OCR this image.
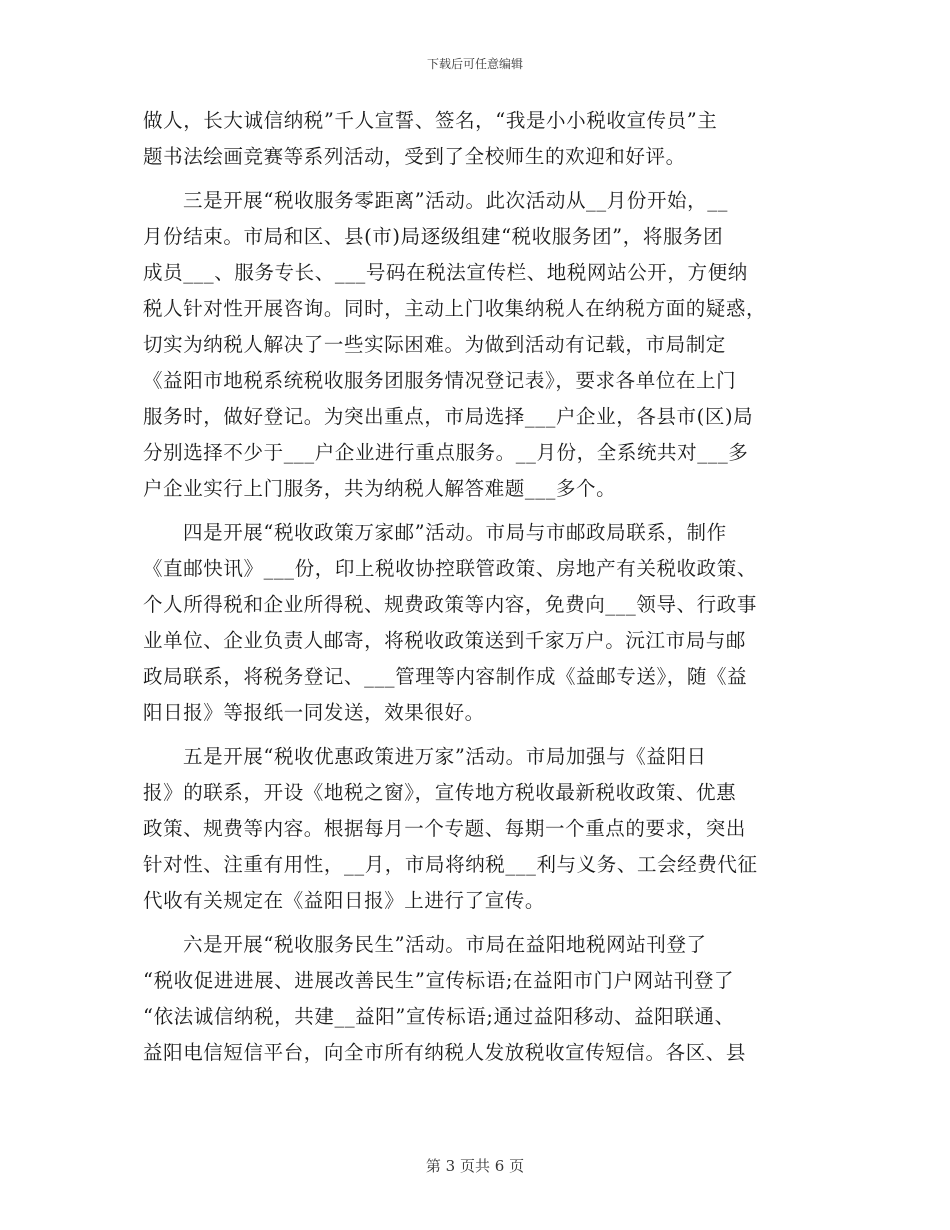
下载后可任意编辑
做人，长大诚信纳税”千人宣誓、签名，“我是小小税收宣传员”主
题书法绘画竞赛等系列活动，受到了全校师生的欢迎和好评。
三是开展“税收服务零距离”活动。此次活动从__月份开始，__
月份结束。市局和区、县(市)局逐级组建“税收服务团”，将服务团
成员___、服务专长、___号码在税法宣传栏、地税网站公开，方便纳
税人针对性开展咨询。同时，主动上门收集纳税人在纳税方面的疑惑，
切实为纳税人解决了一些实际困难。为做到活动有记载，市局制定
《益阳市地税系统税收服务团服务情况登记表》，要求各单位在上门
服务时，做好登记。为突出重点，市局选择___户企业，各县市(区)局
分别选择不少于___户企业进行重点服务。__月份，全系统共对___多
户企业实行上门服务，共为纳税人解答难题___多个。
四是开展“税收政策万家邮”活动。市局与市邮政局联系，制作
《直邮快讯》___份，印上税收协控联管政策、房地产有关税收政策、
个人所得税和企业所得税、规费政策等内容，免费向___领导、行政事
业单位、企业负责人邮寄，将税收政策送到千家万户。沅江市局与邮
政局联系，将税务登记、___管理等内容制作成《益邮专送》，随《益
阳日报》等报纸一同发送，效果很好。
五是开展“税收优惠政策进万家”活动。市局加强与《益阳日
报》的联系，开设《地税之窗》，宣传地方税收最新税收政策、优惠
政策、规费等内容。根据每月一个专题、每期一个重点的要求，突出
针对性、注重有用性，__月，市局将纳税___利与义务、工会经费代征
代收有关规定在《益阳日报》上进行了宣传。
六是开展“税收服务民生”活动。市局在益阳地税网站刊登了
“税收促进进展、进展改善民生”宣传标语;在益阳市门户网站刊登了
“依法诚信纳税，共建__益阳”宣传标语;通过益阳移动、益阳联通、
益阳电信短信平台，向全市所有纳税人发放税收宣传短信。各区、县
第 3 页共 6 页
